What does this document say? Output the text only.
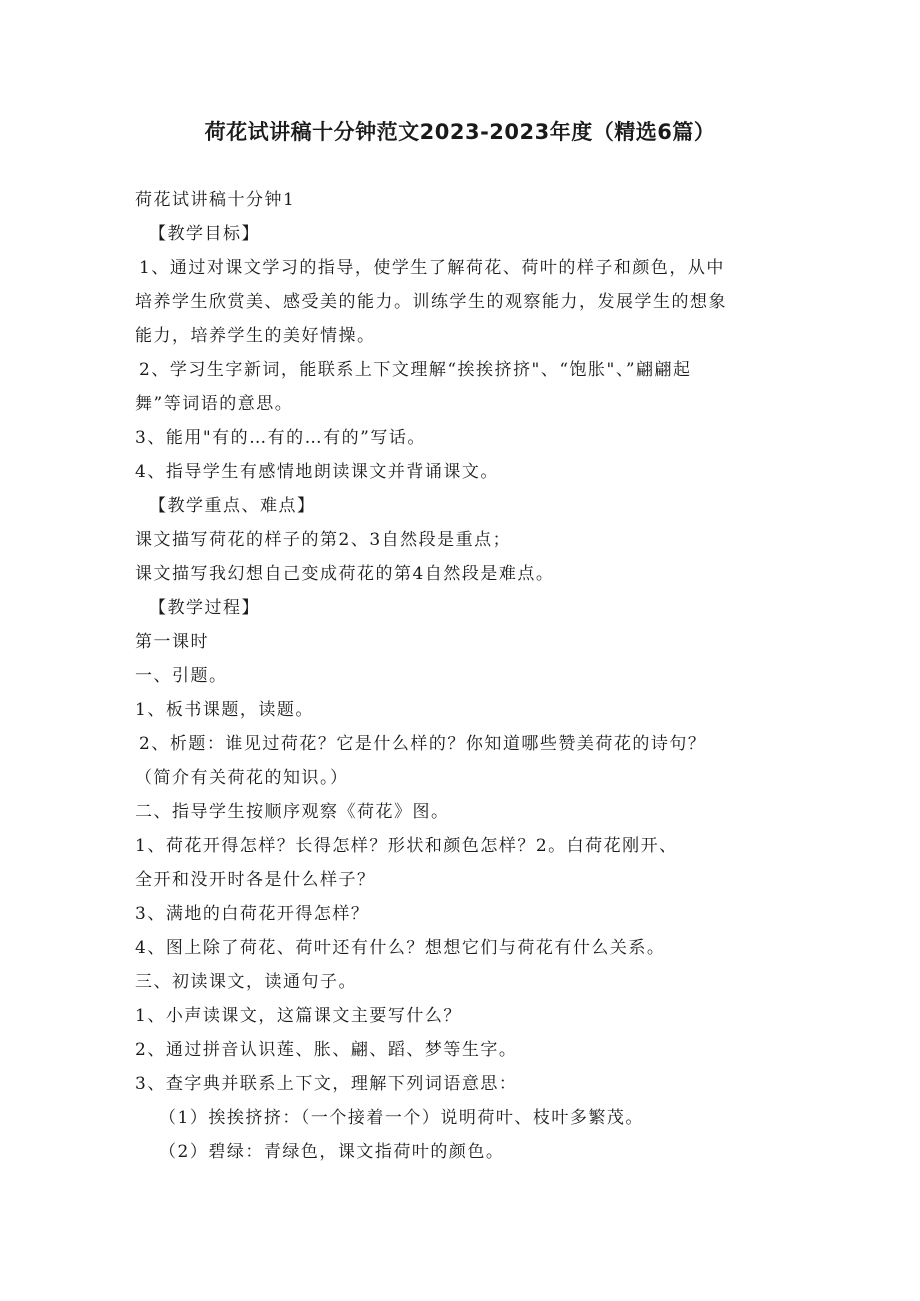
荷花试讲稿十分钟范文2023-2023年度（精选6篇）
荷花试讲稿十分钟1
【教学目标】
1、通过对课文学习的指导，使学生了解荷花、荷叶的样子和颜色，从中
培养学生欣赏美、感受美的能力。训练学生的观察能力，发展学生的想象
能力，培养学生的美好情操。
2、学习生字新词，能联系上下文理解“挨挨挤挤"、“饱胀"、”翩翩起
舞”等词语的意思。
3、能用"有的…有的…有的”写话。
4、指导学生有感情地朗读课文并背诵课文。
【教学重点、难点】
课文描写荷花的样子的第2、3自然段是重点；
课文描写我幻想自己变成荷花的第4自然段是难点。
【教学过程】
第一课时
一、引题。
1、板书课题，读题。
2、析题：谁见过荷花？它是什么样的？你知道哪些赞美荷花的诗句？
（简介有关荷花的知识。）
二、指导学生按顺序观察《荷花》图。
1、荷花开得怎样？长得怎样？形状和颜色怎样？2。白荷花刚开、
全开和没开时各是什么样子？
3、满地的白荷花开得怎样？
4、图上除了荷花、荷叶还有什么？想想它们与荷花有什么关系。
三、初读课文，读通句子。
1、小声读课文，这篇课文主要写什么？
2、通过拼音认识莲、胀、翩、蹈、梦等生字。
3、查字典并联系上下文，理解下列词语意思：
（1）挨挨挤挤：（一个接着一个）说明荷叶、枝叶多繁茂。
（2）碧绿：青绿色，课文指荷叶的颜色。
